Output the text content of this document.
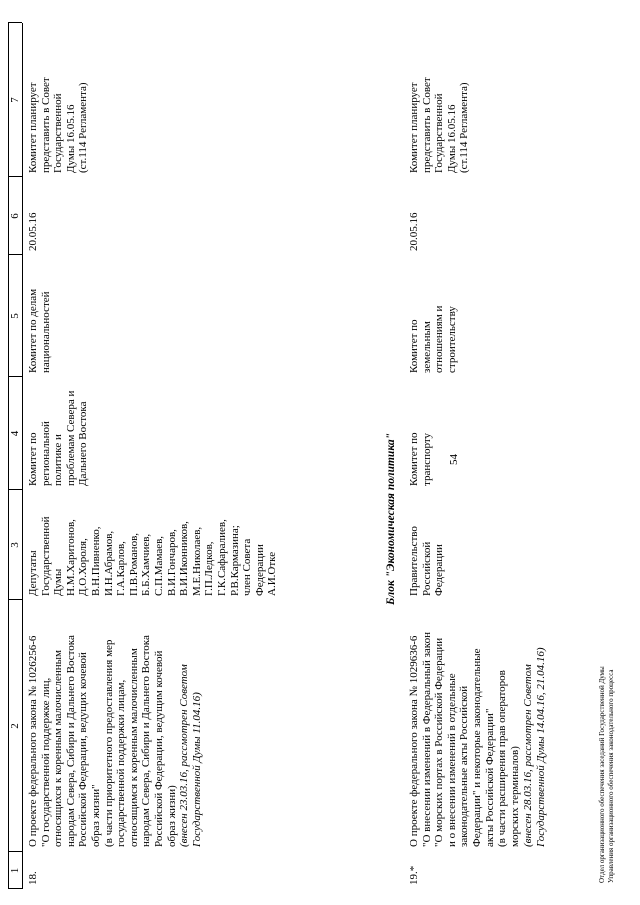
1
2
3
4
5
6
7
18.
О проекте федерального закона № 1026256-6
"О государственной поддержке лиц,
относящихся к коренным малочисленным
народам Севера, Сибири и Дальнего Востока
Российской Федерации, ведущих кочевой
образ жизни"
(в части приоритетного предоставления мер
государственной поддержки лицам,
относящимся к коренным малочисленным
народам Севера, Сибири и Дальнего Востока
Российской Федерации, ведущим кочевой
образ жизни)
(внесен 23.03.16, рассмотрен Советом
Государственной Думы 11.04.16)
Депутаты
Государственной
Думы
Н.М.Харитонов,
Д.О.Хороля,
В.Н.Пивненко,
И.Н.Абрамов,
Г.А.Карлов,
П.В.Романов,
Б.Б.Хамчиев,
С.П.Мамаев,
В.И.Гончаров,
В.И.Иконников,
М.Е.Николаев,
Г.П.Ледков,
Г.К.Сафаралиев,
Р.В.Кармазина;
член Совета
Федерации
А.И.Отке
Комитет по
региональной
политике и
проблемам Севера и
Дальнего Востока
Комитет по делам
национальностей
20.05.16
Комитет планирует
представить в Совет
Государственной
Думы 16.05.16
(ст.114 Регламента)
54
Блок "Экономическая политика"
19.*
О проекте федерального закона № 1029636-6
"О внесении изменений в Федеральный закон
"О морских портах в Российской Федерации
и о внесении изменений в отдельные
законодательные акты Российской
Федерации" и некоторые законодательные
акты Российской Федерации"
(в части расширения прав операторов
морских терминалов)
(внесен 28.03.16, рассмотрен Советом
Государственной Думы 14.04.16, 21.04.16)
Правительство
Российской
Федерации
Комитет по
транспорту
Комитет по
земельным
отношениям и
строительству
20.05.16
Комитет планирует
представить в Совет
Государственной
Думы 16.05.16
(ст.114 Регламента)
Отдел организационного обеспечения заседаний Государственной Думы
Управления организационного обеспечения законодательного процесса
